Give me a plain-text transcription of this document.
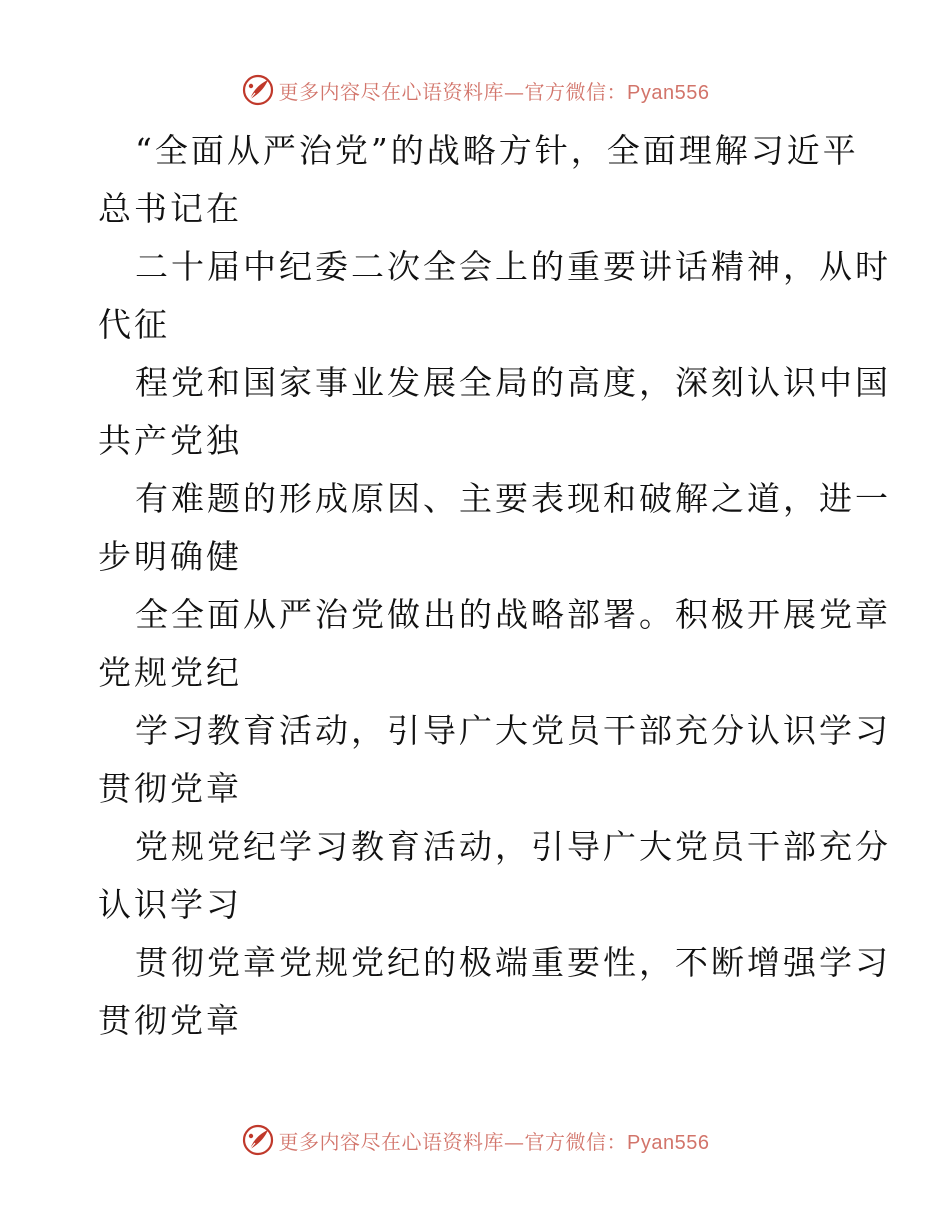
更多内容尽在心语资料库—官方微信：Pyan556
“全面从严治党”的战略方针，全面理解习近平
总书记在
二十届中纪委二次全会上的重要讲话精神，从时
代征
程党和国家事业发展全局的高度，深刻认识中国
共产党独
有难题的形成原因、主要表现和破解之道，进一
步明确健
全全面从严治党做出的战略部署。积极开展党章
党规党纪
学习教育活动，引导广大党员干部充分认识学习
贯彻党章
党规党纪学习教育活动，引导广大党员干部充分
认识学习
贯彻党章党规党纪的极端重要性，不断增强学习
贯彻党章
更多内容尽在心语资料库—官方微信：Pyan556
